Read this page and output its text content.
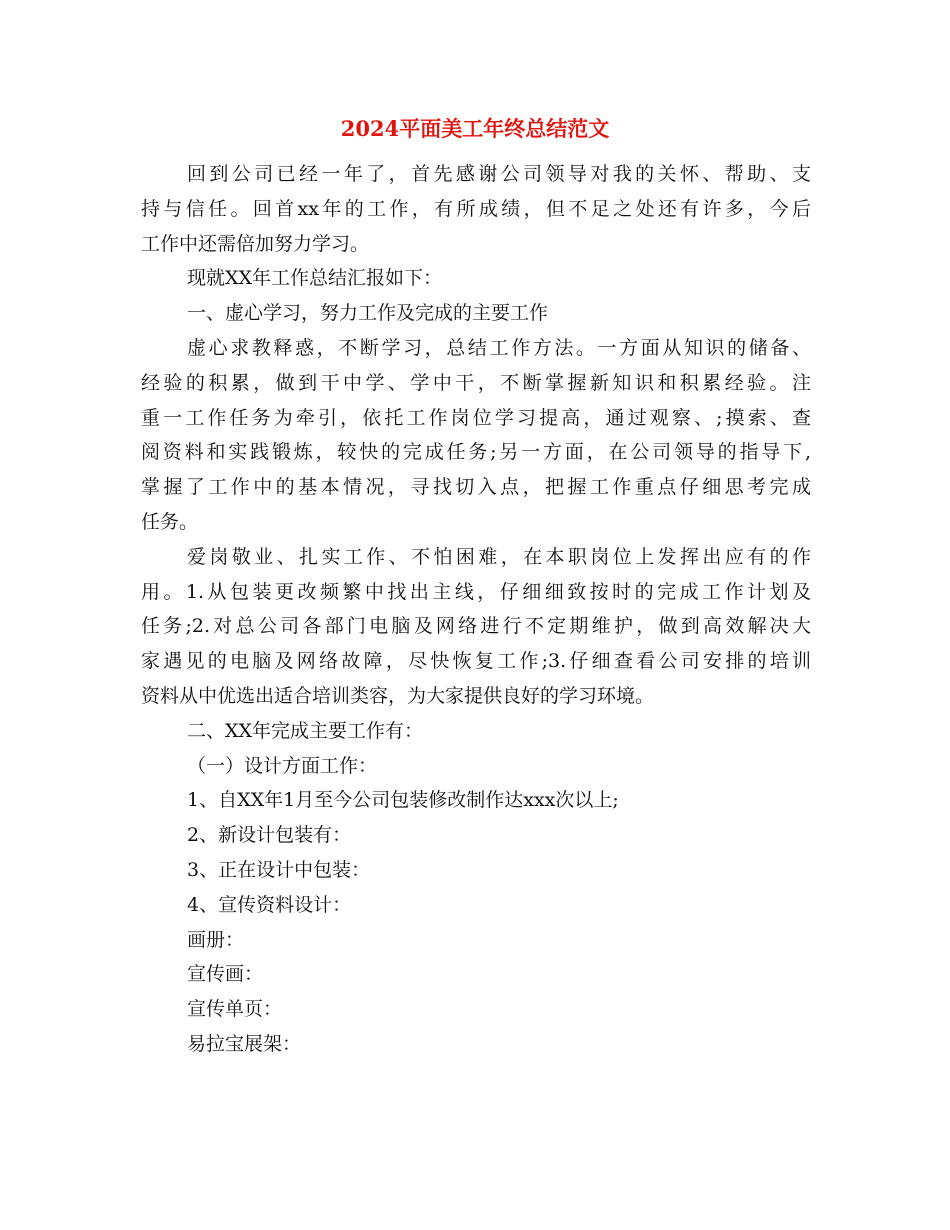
2024平面美工年终总结范文
回到公司已经一年了，首先感谢公司领导对我的关怀、帮助、支
持与信任。回首xx年的工作，有所成绩，但不足之处还有许多，今后
工作中还需倍加努力学习。
现就XX年工作总结汇报如下：
一、虚心学习，努力工作及完成的主要工作
虚心求教释惑，不断学习，总结工作方法。一方面从知识的储备、
经验的积累，做到干中学、学中干，不断掌握新知识和积累经验。注
重一工作任务为牵引，依托工作岗位学习提高，通过观察、;摸索、查
阅资料和实践锻炼，较快的完成任务;另一方面，在公司领导的指导下,
掌握了工作中的基本情况，寻找切入点，把握工作重点仔细思考完成
任务。
爱岗敬业、扎实工作、不怕困难，在本职岗位上发挥出应有的作
用。1.从包装更改频繁中找出主线，仔细细致按时的完成工作计划及
任务;2.对总公司各部门电脑及网络进行不定期维护，做到高效解决大
家遇见的电脑及网络故障，尽快恢复工作;3.仔细查看公司安排的培训
资料从中优选出适合培训类容，为大家提供良好的学习环境。
二、XX年完成主要工作有：
（一）设计方面工作：
1、自XX年1月至今公司包装修改制作达xxx次以上;
2、新设计包装有：
3、正在设计中包装：
4、宣传资料设计：
画册：
宣传画：
宣传单页：
易拉宝展架：
